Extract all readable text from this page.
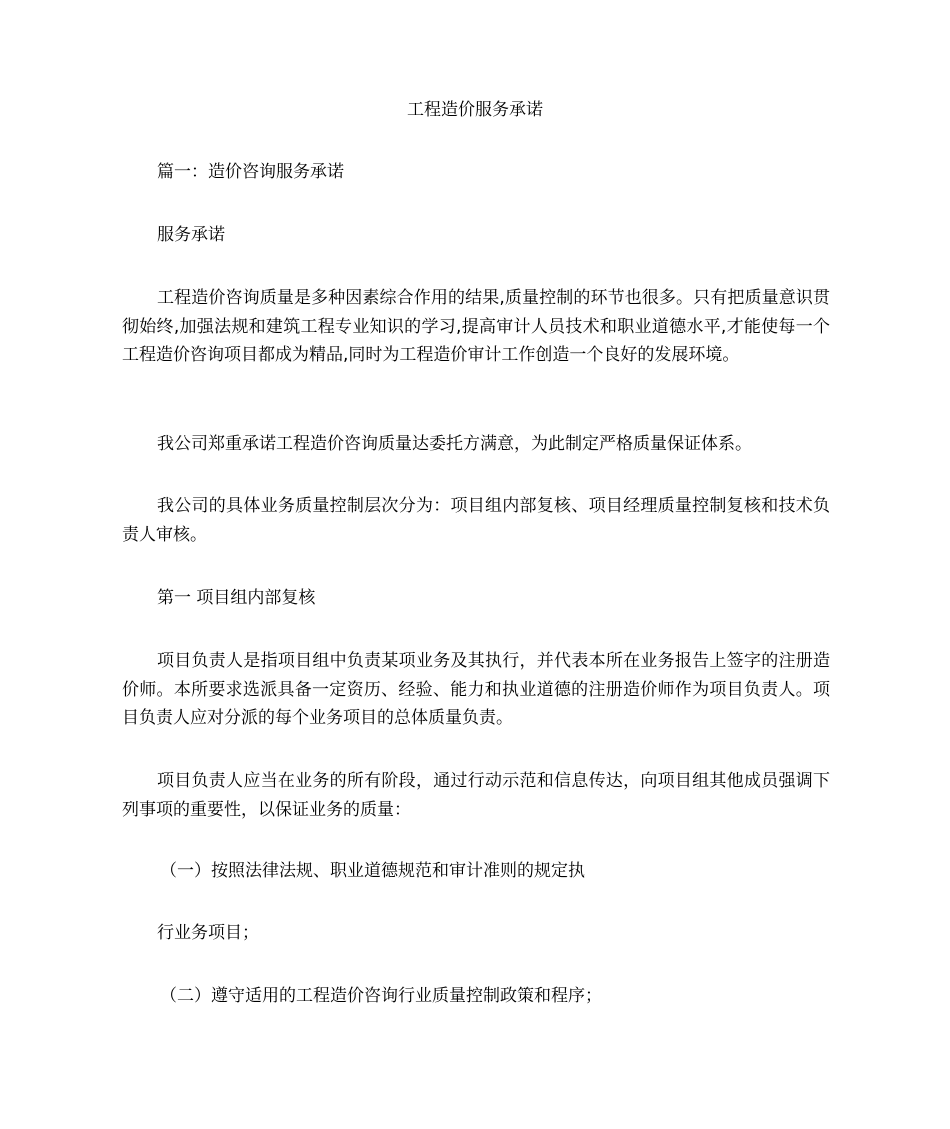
工程造价服务承诺

篇一：造价咨询服务承诺

服务承诺

工程造价咨询质量是多种因素综合作用的结果,质量控制的环节也很多。只有把质量意识贯彻始终,加强法规和建筑工程专业知识的学习,提高审计人员技术和职业道德水平,才能使每一个工程造价咨询项目都成为精品,同时为工程造价审计工作创造一个良好的发展环境。

我公司郑重承诺工程造价咨询质量达委托方满意，为此制定严格质量保证体系。

我公司的具体业务质量控制层次分为：项目组内部复核、项目经理质量控制复核和技术负责人审核。

第一 项目组内部复核

项目负责人是指项目组中负责某项业务及其执行，并代表本所在业务报告上签字的注册造价师。本所要求选派具备一定资历、经验、能力和执业道德的注册造价师作为项目负责人。项目负责人应对分派的每个业务项目的总体质量负责。

项目负责人应当在业务的所有阶段，通过行动示范和信息传达，向项目组其他成员强调下列事项的重要性，以保证业务的质量：

（一）按照法律法规、职业道德规范和审计准则的规定执

行业务项目；

（二）遵守适用的工程造价咨询行业质量控制政策和程序；
